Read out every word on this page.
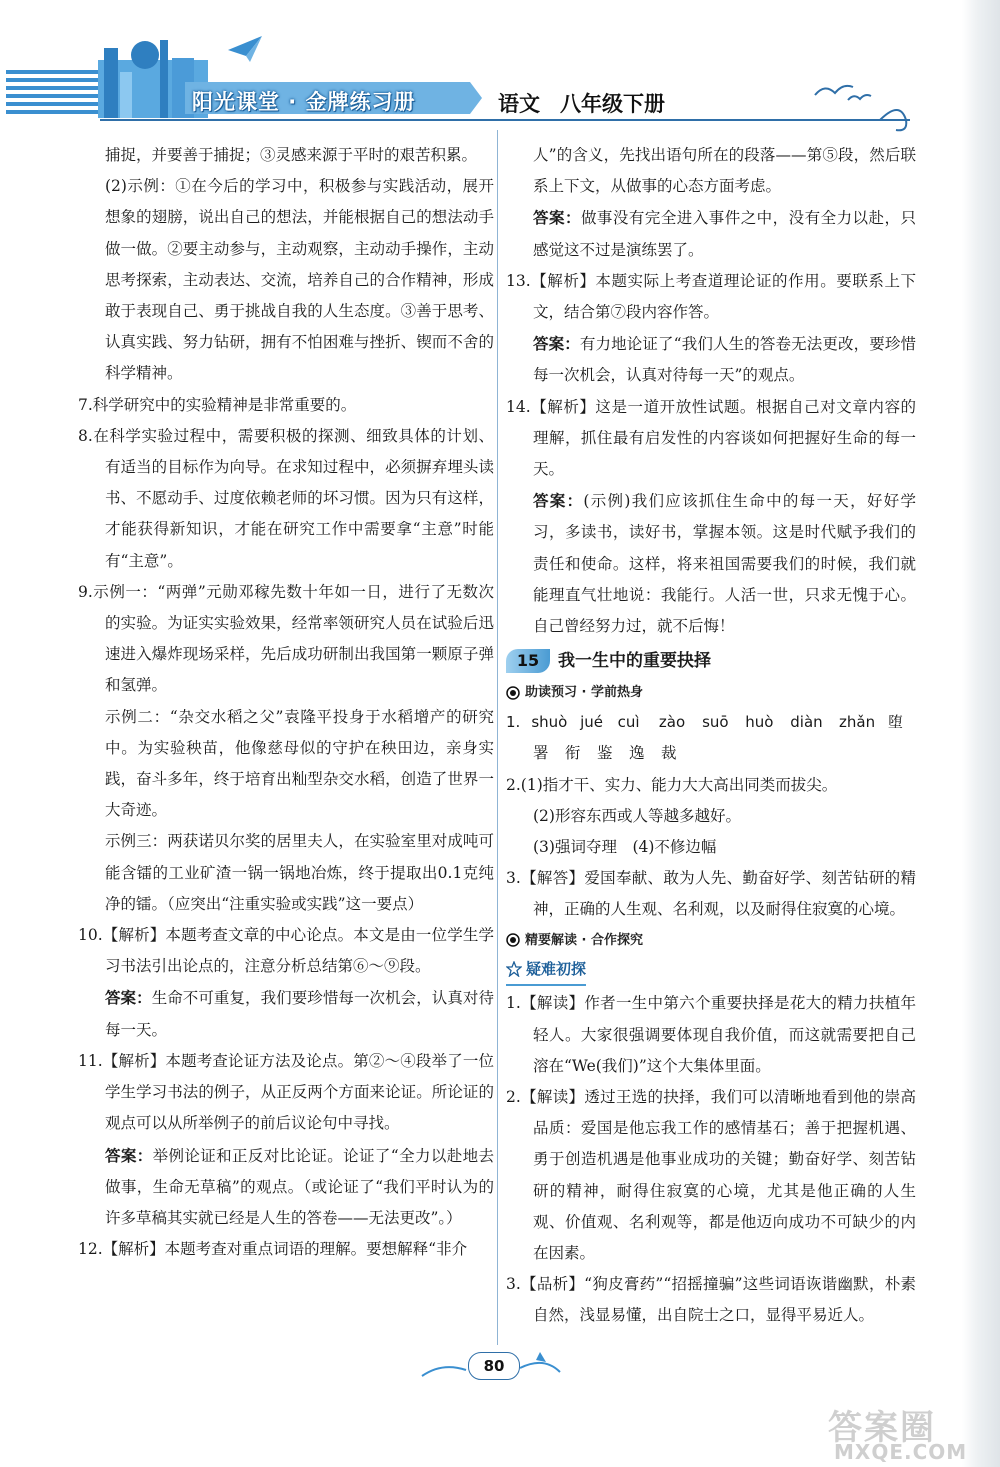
阳光课堂 · 金牌练习册	语文 八年级下册

捕捉，并要善于捕捉；③灵感来源于平时的艰苦积累。

(2)示例：①在今后的学习中，积极参与实践活动，展开想象的翅膀，说出自己的想法，并能根据自己的想法动手做一做。②要主动参与，主动观察，主动动手操作，主动思考探索，主动表达、交流，培养自己的合作精神，形成敢于表现自己、勇于挑战自我的人生态度。③善于思考、认真实践、努力钻研，拥有不怕困难与挫折、锲而不舍的科学精神。

7.科学研究中的实验精神是非常重要的。

8.在科学实验过程中，需要积极的探测、细致具体的计划、有适当的目标作为向导。在求知过程中，必须摒弃埋头读书、不愿动手、过度依赖老师的坏习惯。因为只有这样，才能获得新知识，才能在研究工作中需要拿“主意”时能有“主意”。

9.示例一：“两弹”元勋邓稼先数十年如一日，进行了无数次的实验。为证实实验效果，经常率领研究人员在试验后迅速进入爆炸现场采样，先后成功研制出我国第一颗原子弹和氢弹。

示例二：“杂交水稻之父”袁隆平投身于水稻增产的研究中。为实验秧苗，他像慈母似的守护在秧田边，亲身实践，奋斗多年，终于培育出籼型杂交水稻，创造了世界一大奇迹。

示例三：两获诺贝尔奖的居里夫人，在实验室里对成吨可能含镭的工业矿渣一锅一锅地冶炼，终于提取出0.1克纯净的镭。（应突出“注重实验或实践”这一要点）

10.【解析】本题考查文章的中心论点。本文是由一位学生学习书法引出论点的，注意分析总结第⑥～⑨段。

答案：生命不可重复，我们要珍惜每一次机会，认真对待每一天。

11.【解析】本题考查论证方法及论点。第②～④段举了一位学生学习书法的例子，从正反两个方面来论证。所论证的观点可以从所举例子的前后议论句中寻找。

答案：举例论证和正反对比论证。论证了“全力以赴地去做事，生命无草稿”的观点。（或论证了“我们平时认为的许多草稿其实就已经是人生的答卷——无法更改”。）

12.【解析】本题考查对重点词语的理解。要想解释“非介

人”的含义，先找出语句所在的段落——第⑤段，然后联系上下文，从做事的心态方面考虑。

答案：做事没有完全进入事件之中，没有全力以赴，只感觉这不过是演练罢了。

13.【解析】本题实际上考查道理论证的作用。要联系上下文，结合第⑦段内容作答。

答案：有力地论证了“我们人生的答卷无法更改，要珍惜每一次机会，认真对待每一天”的观点。

14.【解析】这是一道开放性试题。根据自己对文章内容的理解，抓住最有启发性的内容谈如何把握好生命的每一天。

答案：(示例)我们应该抓住生命中的每一天，好好学习，多读书，读好书，掌握本领。这是时代赋予我们的责任和使命。这样，将来祖国需要我们的时候，我们就能理直气壮地说：我能行。人活一世，只求无愧于心。自己曾经努力过，就不后悔！

15	我一生中的重要抉择
助读预习 · 学前热身
1. shuò jué cuì	zào	suō	huò	diàn	zhǎn 堕
署	衔	鉴	逸	裁

2.(1)指才干、实力、能力大大高出同类而拔尖。

(2)形容东西或人等越多越好。

(3)强词夺理　(4)不修边幅

3.【解答】爱国奉献、敢为人先、勤奋好学、刻苦钻研的精神，正确的人生观、名利观，以及耐得住寂寞的心境。

精要解读 · 合作探究
疑难初探

1.【解读】作者一生中第六个重要抉择是花大的精力扶植年轻人。大家很强调要体现自我价值，而这就需要把自己溶在“We(我们)”这个大集体里面。

2.【解读】透过王选的抉择，我们可以清晰地看到他的崇高品质：爱国是他忘我工作的感情基石；善于把握机遇、勇于创造机遇是他事业成功的关键；勤奋好学、刻苦钻研的精神，耐得住寂寞的心境，尤其是他正确的人生观、价值观、名利观等，都是他迈向成功不可缺少的内在因素。

3.【品析】“狗皮膏药”“招摇撞骗”这些词语诙谐幽默，朴素自然，浅显易懂，出自院士之口，显得平易近人。

80
答案圈
MXQE.COM
